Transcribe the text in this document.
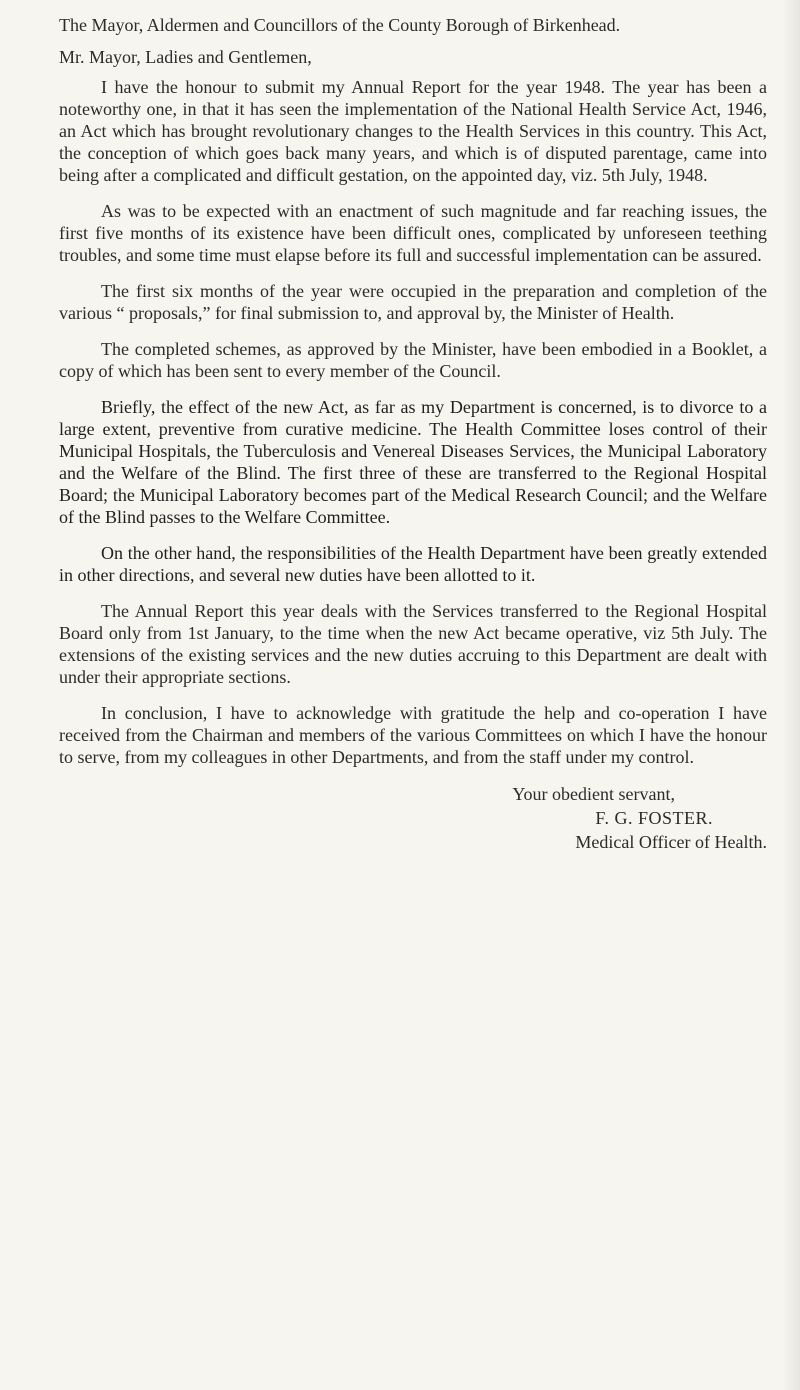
The Mayor, Aldermen and Councillors of the County Borough of Birkenhead.
Mr. Mayor, Ladies and Gentlemen,

I have the honour to submit my Annual Report for the year 1948. The year has been a noteworthy one, in that it has seen the implementation of the National Health Service Act, 1946, an Act which has brought revolutionary changes to the Health Services in this country. This Act, the conception of which goes back many years, and which is of disputed parentage, came into being after a complicated and difficult gestation, on the appointed day, viz. 5th July, 1948.

As was to be expected with an enactment of such magnitude and far reaching issues, the first five months of its existence have been difficult ones, complicated by unforeseen teething troubles, and some time must elapse before its full and successful implementation can be assured.

The first six months of the year were occupied in the preparation and completion of the various “ proposals,” for final submission to, and approval by, the Minister of Health.

The completed schemes, as approved by the Minister, have been embodied in a Booklet, a copy of which has been sent to every member of the Council.

Briefly, the effect of the new Act, as far as my Department is concerned, is to divorce to a large extent, preventive from curative medicine. The Health Committee loses control of their Municipal Hospitals, the Tuberculosis and Venereal Diseases Services, the Municipal Laboratory and the Welfare of the Blind. The first three of these are transferred to the Regional Hospital Board; the Municipal Laboratory becomes part of the Medical Research Council; and the Welfare of the Blind passes to the Welfare Committee.

On the other hand, the responsibilities of the Health Department have been greatly extended in other directions, and several new duties have been allotted to it.

The Annual Report this year deals with the Services transferred to the Regional Hospital Board only from 1st January, to the time when the new Act became operative, viz 5th July. The extensions of the existing services and the new duties accruing to this Department are dealt with under their appropriate sections.

In conclusion, I have to acknowledge with gratitude the help and co-operation I have received from the Chairman and members of the various Committees on which I have the honour to serve, from my colleagues in other Departments, and from the staff under my control.

Your obedient servant,
F. G. FOSTER.
Medical Officer of Health.
